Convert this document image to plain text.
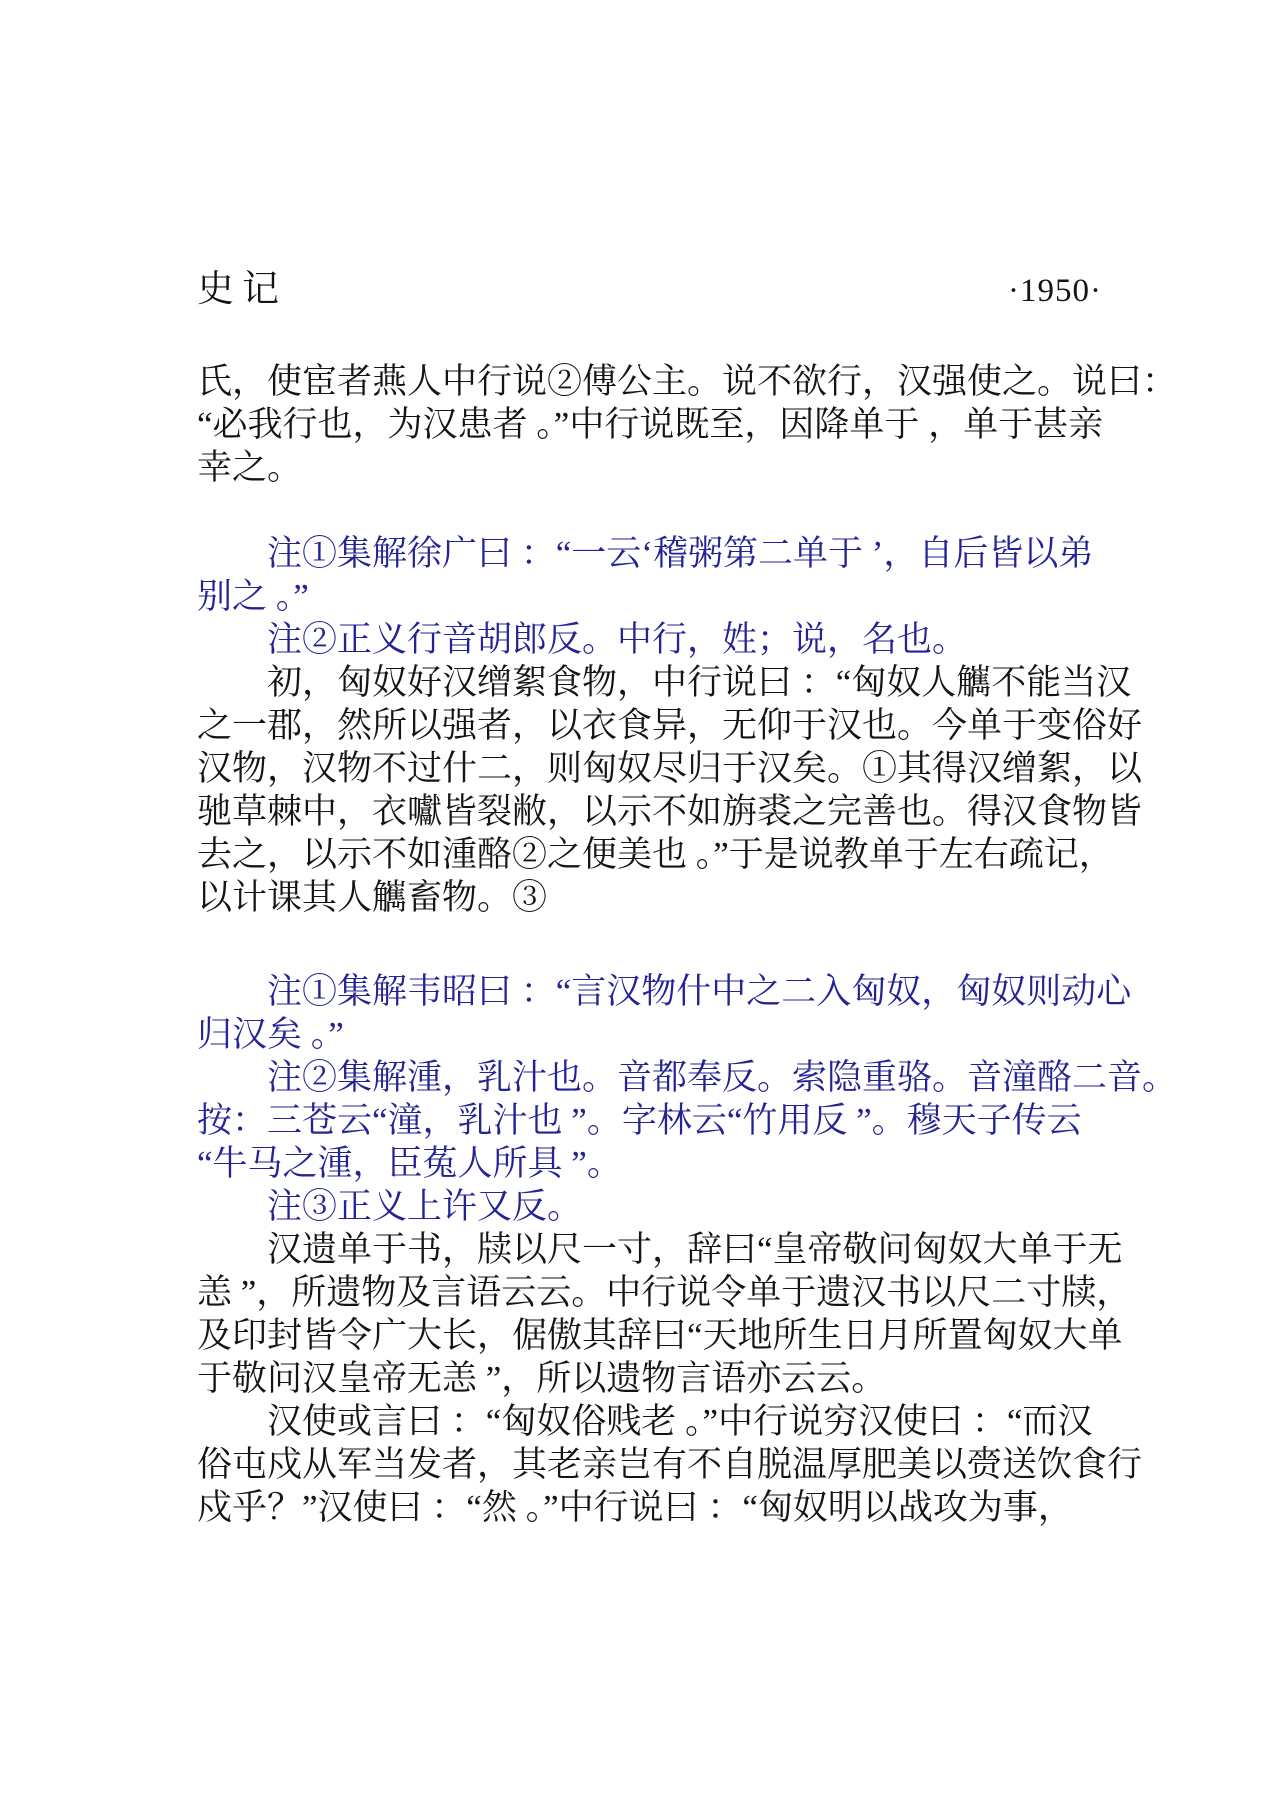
史记	·1950·
氏，使宦者燕人中行说②傅公主。说不欲行，汉强使之。说曰：
“必我行也，为汉患者 。”中行说既至，因降单于 ，单于甚亲
幸之。
注①集解徐广曰 ：“一云‘稽粥第二单于 ’，自后皆以弟
别之 。”
注②正义行音胡郎反。中行，姓；说，名也。
初，匈奴好汉缯絮食物，中行说曰 ：“匈奴人觽不能当汉
之一郡，然所以强者，以衣食异，无仰于汉也。今单于变俗好
汉物，汉物不过什二，则匈奴尽归于汉矣。①其得汉缯絮，以
驰草棘中，衣囐皆裂敝，以示不如旃裘之完善也。得汉食物皆
去之，以示不如湩酪②之便美也 。”于是说教单于左右疏记，
以计课其人觽畜物。③
注①集解韦昭曰 ：“言汉物什中之二入匈奴，匈奴则动心
归汉矣 。”
注②集解湩，乳汁也。音都奉反。索隐重骆。音潼酪二音。
按：三苍云“潼，乳汁也 ”。字林云“竹用反 ”。穆天子传云
“牛马之湩，臣菟人所具 ”。
注③正义上许又反。
汉遗单于书，牍以尺一寸，辞曰“皇帝敬问匈奴大单于无
恙 ”，所遗物及言语云云。中行说令单于遗汉书以尺二寸牍，
及印封皆令广大长，倨傲其辞曰“天地所生日月所置匈奴大单
于敬问汉皇帝无恙 ”，所以遗物言语亦云云。
汉使或言曰 ：“匈奴俗贱老 。”中行说穷汉使曰 ：“而汉
俗屯戍从军当发者，其老亲岂有不自脱温厚肥美以赍送饮食行
戍乎？”汉使曰 ：“然 。”中行说曰 ：“匈奴明以战攻为事，
